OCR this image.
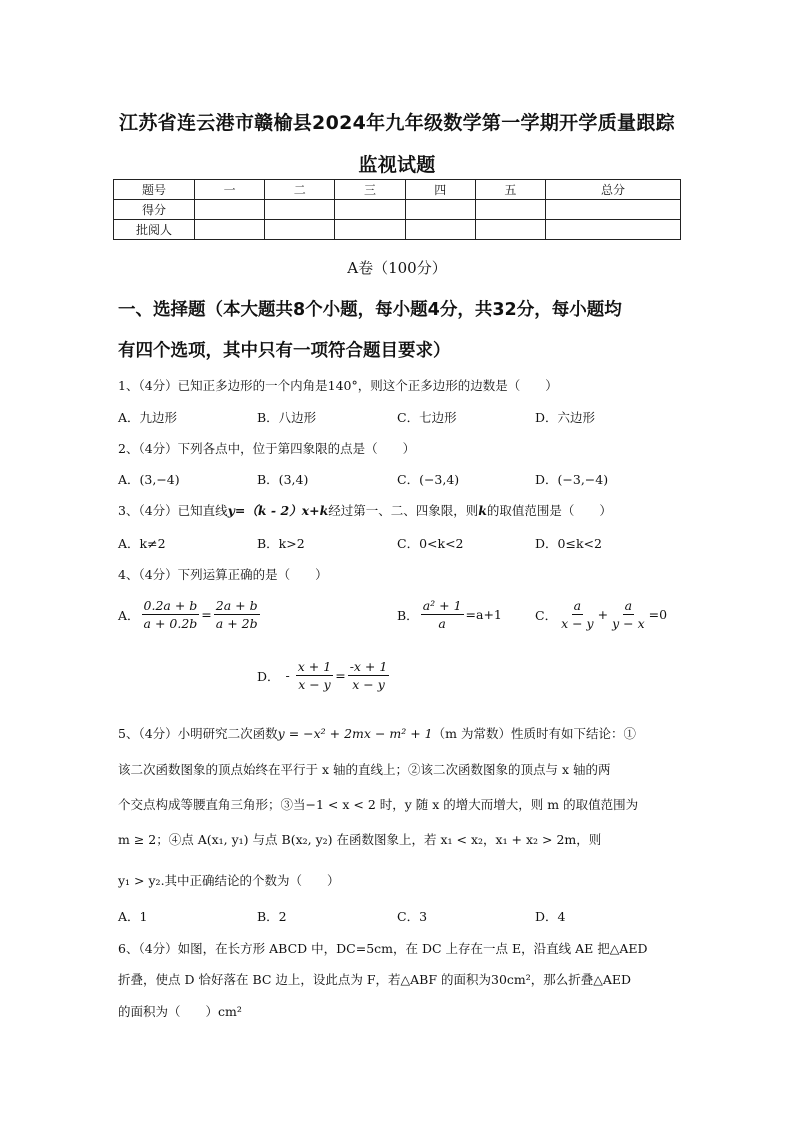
江苏省连云港市赣榆县2024年九年级数学第一学期开学质量跟踪
监视试题
题号	一	二	三	四	五	总分
得分						
批阅人						
A卷（100分）
一、选择题（本大题共8个小题，每小题4分，共32分，每小题均
有四个选项，其中只有一项符合题目要求）
1、（4分）已知正多边形的一个内角是140°，则这个正多边形的边数是（　　）
A．九边形	B．八边形	C．七边形	D．六边形
2、（4分）下列各点中，位于第四象限的点是（　　）
A．(3,−4)	B．(3,4)	C．(−3,4)	D．(−3,−4)
3、（4分）已知直线y=（k - 2）x+k经过第一、二、四象限，则k的取值范围是（　　）
A．k≠2	B．k>2	C．0<k<2	D．0≤k<2
4、（4分）下列运算正确的是（　　）
A． $\frac{0.2a + b}{a + 0.2b} = \frac{2a + b}{a + 2b}$	B． $\frac{\text{a² + 1}}{a} =a+1$	C． $\frac{a}{x - y} + \frac{a}{y - x} =0$
D． - $\frac{x + 1}{x - y} = \frac{-x + 1}{x - y}$
5、（4分）小明研究二次函数y = −x² + 2mx − m² + 1（m 为常数）性质时有如下结论：①
该二次函数图象的顶点始终在平行于 x 轴的直线上；②该二次函数图象的顶点与 x 轴的两
个交点构成等腰直角三角形；③当−1 < x < 2 时，y 随 x 的增大而增大，则 m 的取值范围为
m ≥ 2；④点 A(x₁, y₁) 与点 B(x₂, y₂) 在函数图象上，若 x₁ < x₂，x₁ + x₂ > 2m，则
y₁ > y₂.其中正确结论的个数为（　　）
A．1	B．2	C．3	D．4
6、（4分）如图，在长方形 ABCD 中，DC=5cm，在 DC 上存在一点 E，沿直线 AE 把△AED
折叠，使点 D 恰好落在 BC 边上，设此点为 F，若△ABF 的面积为30cm²，那么折叠△AED
的面积为（　　）cm²
